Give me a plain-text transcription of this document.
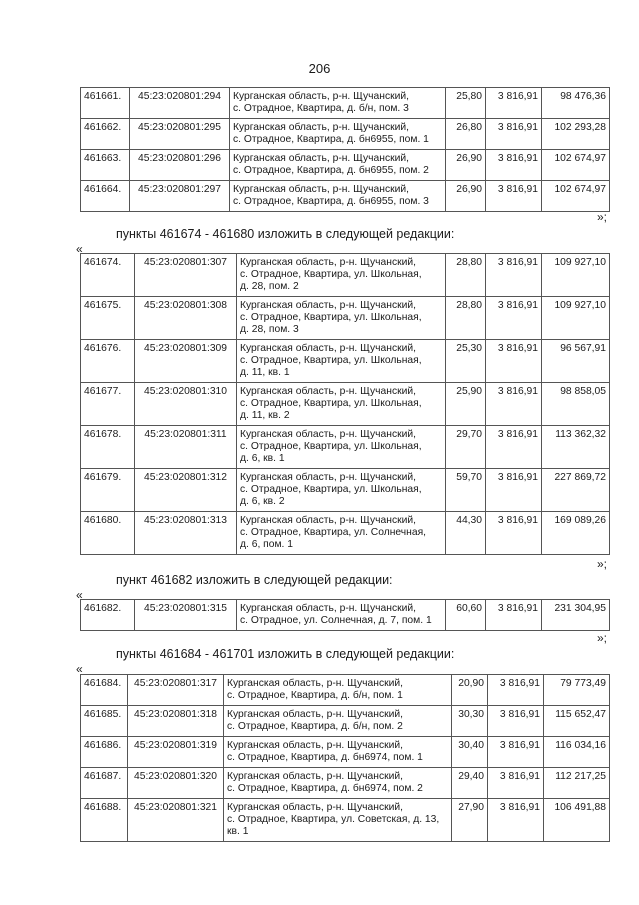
206
461661.	45:23:020801:294	Курганская область, р-н. Щучанский,
с. Отрадное, Квартира, д. б/н, пом. 3	25,80	3 816,91	98 476,36
461662.	45:23:020801:295	Курганская область, р-н. Щучанский,
с. Отрадное, Квартира, д. бн6955, пом. 1	26,80	3 816,91	102 293,28
461663.	45:23:020801:296	Курганская область, р-н. Щучанский,
с. Отрадное, Квартира, д. бн6955, пом. 2	26,90	3 816,91	102 674,97
461664.	45:23:020801:297	Курганская область, р-н. Щучанский,
с. Отрадное, Квартира, д. бн6955, пом. 3	26,90	3 816,91	102 674,97
»;
пункты 461674 - 461680 изложить в следующей редакции:
«
461674.	45:23:020801:307	Курганская область, р-н. Щучанский,
с. Отрадное, Квартира, ул. Школьная,
д. 28, пом. 2	28,80	3 816,91	109 927,10
461675.	45:23:020801:308	Курганская область, р-н. Щучанский,
с. Отрадное, Квартира, ул. Школьная,
д. 28, пом. 3	28,80	3 816,91	109 927,10
461676.	45:23:020801:309	Курганская область, р-н. Щучанский,
с. Отрадное, Квартира, ул. Школьная,
д. 11, кв. 1	25,30	3 816,91	96 567,91
461677.	45:23:020801:310	Курганская область, р-н. Щучанский,
с. Отрадное, Квартира, ул. Школьная,
д. 11, кв. 2	25,90	3 816,91	98 858,05
461678.	45:23:020801:311	Курганская область, р-н. Щучанский,
с. Отрадное, Квартира, ул. Школьная,
д. 6, кв. 1	29,70	3 816,91	113 362,32
461679.	45:23:020801:312	Курганская область, р-н. Щучанский,
с. Отрадное, Квартира, ул. Школьная,
д. 6, кв. 2	59,70	3 816,91	227 869,72
461680.	45:23:020801:313	Курганская область, р-н. Щучанский,
с. Отрадное, Квартира, ул. Солнечная,
д. 6, пом. 1	44,30	3 816,91	169 089,26
»;
пункт 461682 изложить в следующей редакции:
«
461682.	45:23:020801:315	Курганская область, р-н. Щучанский,
с. Отрадное, ул. Солнечная, д. 7, пом. 1
	60,60	3 816,91	231 304,95
»;
пункты 461684 - 461701 изложить в следующей редакции:
«
461684.	45:23:020801:317	Курганская область, р-н. Щучанский,
с. Отрадное, Квартира, д. б/н, пом. 1	20,90	3 816,91	79 773,49
461685.	45:23:020801:318	Курганская область, р-н. Щучанский,
с. Отрадное, Квартира, д. б/н, пом. 2	30,30	3 816,91	115 652,47
461686.	45:23:020801:319	Курганская область, р-н. Щучанский,
с. Отрадное, Квартира, д. бн6974, пом. 1	30,40	3 816,91	116 034,16
461687.	45:23:020801:320	Курганская область, р-н. Щучанский,
с. Отрадное, Квартира, д. бн6974, пом. 2	29,40	3 816,91	112 217,25
461688.	45:23:020801:321	Курганская область, р-н. Щучанский,
с. Отрадное, Квартира, ул. Советская, д. 13,
кв. 1	27,90	3 816,91	106 491,88
